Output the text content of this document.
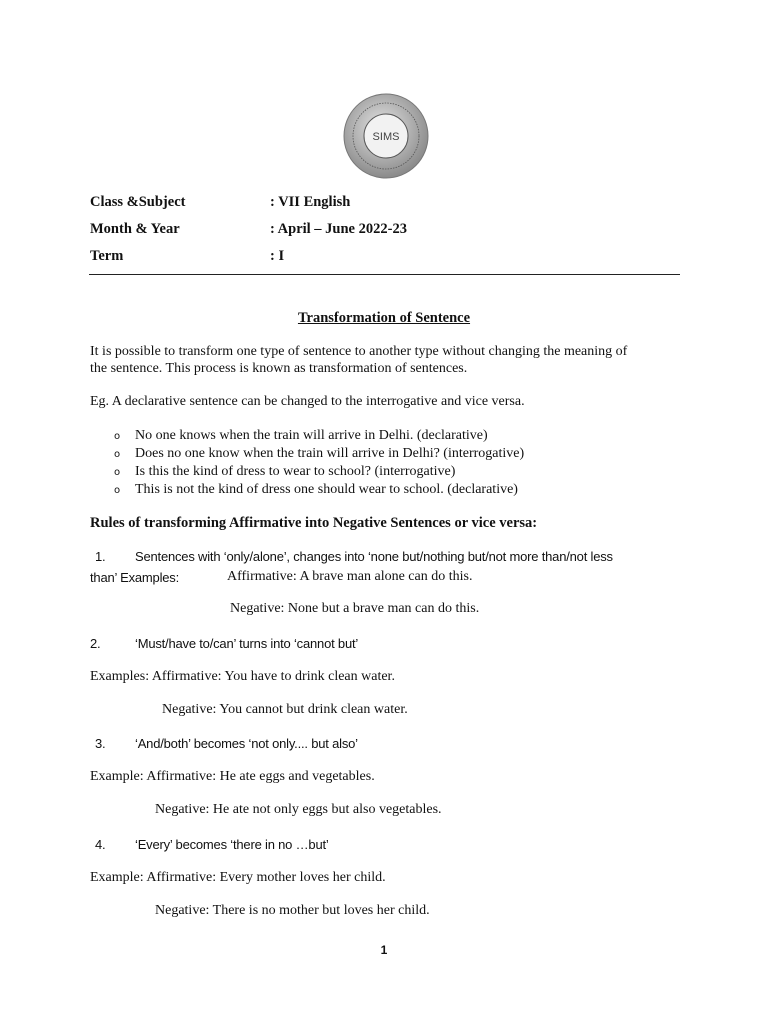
SIMS
Class &Subject	: VII English
Month & Year	: April – June 2022-23
Term	: I
Transformation of Sentence
It is possible to transform one type of sentence to another type without changing the meaning of
the sentence. This process is known as transformation of sentences.
Eg. A declarative sentence can be changed to the interrogative and vice versa.
o No one knows when the train will arrive in Delhi. (declarative)
o Does no one know when the train will arrive in Delhi? (interrogative)
o Is this the kind of dress to wear to school? (interrogative)
o This is not the kind of dress one should wear to school. (declarative)
Rules of transforming Affirmative into Negative Sentences or vice versa:
1. Sentences with ‘only/alone’, changes into ‘none but/nothing but/not more than/not less
than’ Examples:	Affirmative: A brave man alone can do this.
Negative: None but a brave man can do this.
2.	‘Must/have to/can’ turns into ‘cannot but’
Examples: Affirmative: You have to drink clean water.
Negative: You cannot but drink clean water.
3. ‘And/both’ becomes ‘not only.... but also’
Example: Affirmative: He ate eggs and vegetables.
Negative: He ate not only eggs but also vegetables.
4. ‘Every’ becomes ‘there in no …but’
Example: Affirmative: Every mother loves her child.
Negative: There is no mother but loves her child.
1
